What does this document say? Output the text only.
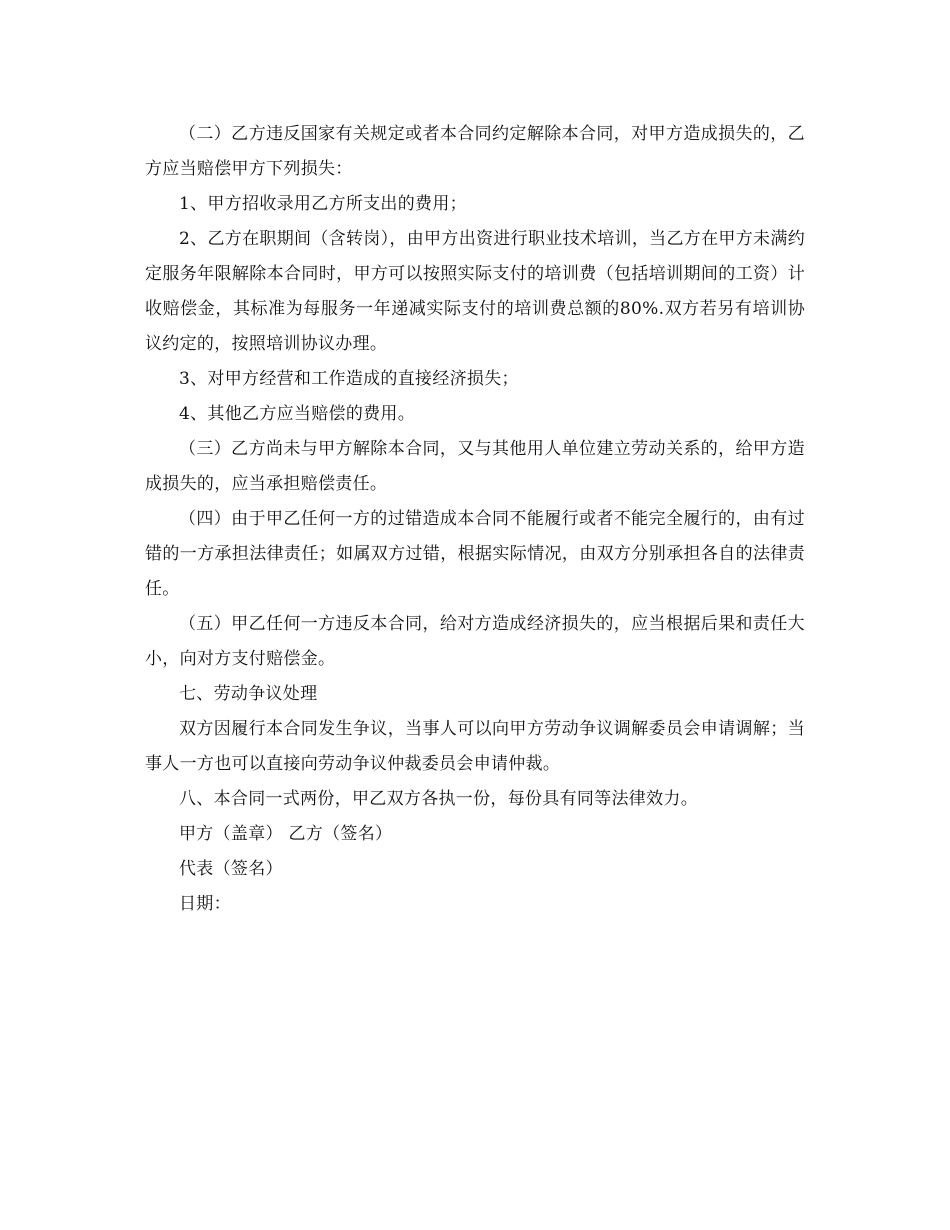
（二）乙方违反国家有关规定或者本合同约定解除本合同，对甲方造成损失的，乙方应当赔偿甲方下列损失：

1、甲方招收录用乙方所支出的费用；

2、乙方在职期间（含转岗），由甲方出资进行职业技术培训，当乙方在甲方未满约定服务年限解除本合同时，甲方可以按照实际支付的培训费（包括培训期间的工资）计收赔偿金，其标准为每服务一年递减实际支付的培训费总额的80%.双方若另有培训协议约定的，按照培训协议办理。

3、对甲方经营和工作造成的直接经济损失；

4、其他乙方应当赔偿的费用。

（三）乙方尚未与甲方解除本合同，又与其他用人单位建立劳动关系的，给甲方造成损失的，应当承担赔偿责任。

（四）由于甲乙任何一方的过错造成本合同不能履行或者不能完全履行的，由有过错的一方承担法律责任；如属双方过错，根据实际情况，由双方分别承担各自的法律责任。

（五）甲乙任何一方违反本合同，给对方造成经济损失的，应当根据后果和责任大小，向对方支付赔偿金。

七、劳动争议处理

双方因履行本合同发生争议，当事人可以向甲方劳动争议调解委员会申请调解；当事人一方也可以直接向劳动争议仲裁委员会申请仲裁。

八、本合同一式两份，甲乙双方各执一份，每份具有同等法律效力。

甲方（盖章） 乙方（签名）

代表（签名）

日期：
